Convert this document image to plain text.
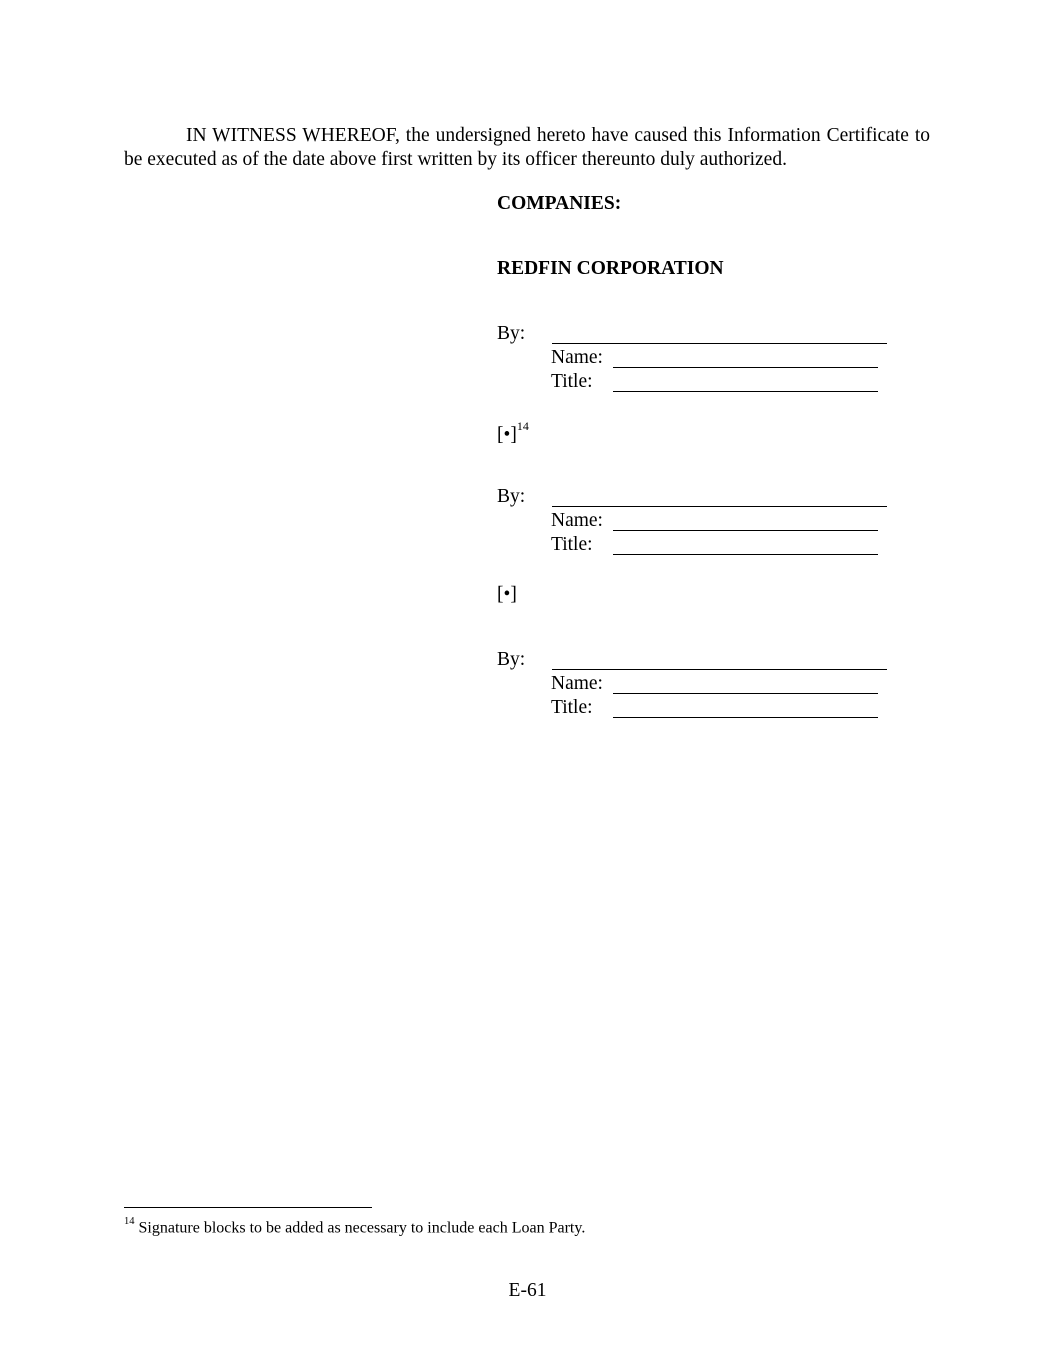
IN WITNESS WHEREOF, the undersigned hereto have caused this Information Certificate to be executed as of the date above first written by its officer thereunto duly authorized.
COMPANIES:
REDFIN CORPORATION
By:
Name:
Title:
[•]$^{14}$
By:
Name:
Title:
[•]
By:
Name:
Title:
$^{14}$ Signature blocks to be added as necessary to include each Loan Party.
E-61
